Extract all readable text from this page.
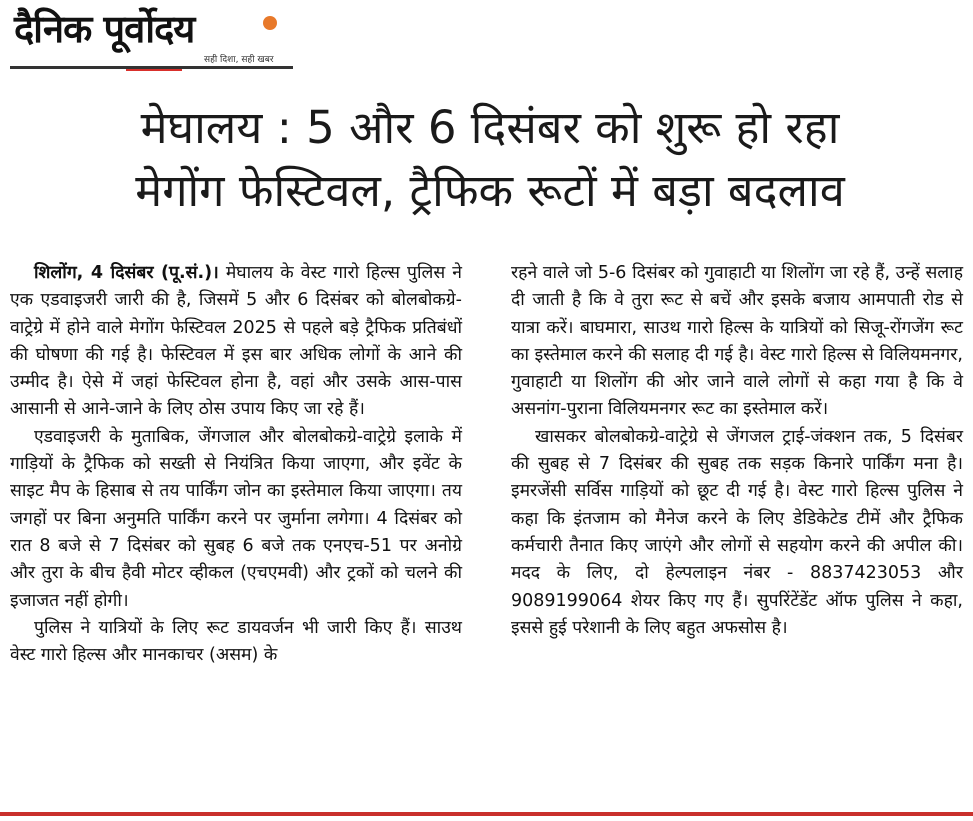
दैनिक पूर्वोदय
सही दिशा, सही खबर
मेघालय : 5 और 6 दिसंबर को शुरू हो रहा
मेगोंग फेस्टिवल, ट्रैफिक रूटों में बड़ा बदलाव

शिलोंग, 4 दिसंबर (पू.सं.)। मेघालय के वेस्ट गारो हिल्स पुलिस ने एक एडवाइजरी जारी की है, जिसमें 5 और 6 दिसंबर को बोलबोकग्रे-वाट्रेग्रे में होने वाले मेगोंग फेस्टिवल 2025 से पहले बड़े ट्रैफिक प्रतिबंधों की घोषणा की गई है। फेस्टिवल में इस बार अधिक लोगों के आने की उम्मीद है। ऐसे में जहां फेस्टिवल होना है, वहां और उसके आस-पास आसानी से आने-जाने के लिए ठोस उपाय किए जा रहे हैं।

एडवाइजरी के मुताबिक, जेंगजाल और बोलबोकग्रे-वाट्रेग्रे इलाके में गाड़ियों के ट्रैफिक को सख्ती से नियंत्रित किया जाएगा, और इवेंट के साइट मैप के हिसाब से तय पार्किंग जोन का इस्तेमाल किया जाएगा। तय जगहों पर बिना अनुमति पार्किंग करने पर जुर्माना लगेगा। 4 दिसंबर को रात 8 बजे से 7 दिसंबर को सुबह 6 बजे तक एनएच-51 पर अनोग्रे और तुरा के बीच हैवी मोटर व्हीकल (एचएमवी) और ट्रकों को चलने की इजाजत नहीं होगी।

पुलिस ने यात्रियों के लिए रूट डायवर्जन भी जारी किए हैं। साउथ वेस्ट गारो हिल्स और मानकाचर (असम) के

रहने वाले जो 5-6 दिसंबर को गुवाहाटी या शिलोंग जा रहे हैं, उन्हें सलाह दी जाती है कि वे तुरा रूट से बचें और इसके बजाय आमपाती रोड से यात्रा करें। बाघमारा, साउथ गारो हिल्स के यात्रियों को सिजू-रोंगजेंग रूट का इस्तेमाल करने की सलाह दी गई है। वेस्ट गारो हिल्स से विलियमनगर, गुवाहाटी या शिलोंग की ओर जाने वाले लोगों से कहा गया है कि वे असनांग-पुराना विलियमनगर रूट का इस्तेमाल करें।

खासकर बोलबोकग्रे-वाट्रेग्रे से जेंगजल ट्राई-जंक्शन तक, 5 दिसंबर की सुबह से 7 दिसंबर की सुबह तक सड़क किनारे पार्किंग मना है। इमरजेंसी सर्विस गाड़ियों को छूट दी गई है। वेस्ट गारो हिल्स पुलिस ने कहा कि इंतजाम को मैनेज करने के लिए डेडिकेटेड टीमें और ट्रैफिक कर्मचारी तैनात किए जाएंगे और लोगों से सहयोग करने की अपील की। मदद के लिए, दो हेल्पलाइन नंबर - 8837423053 और 9089199064 शेयर किए गए हैं। सुपरिंटेंडेंट ऑफ पुलिस ने कहा, इससे हुई परेशानी के लिए बहुत अफसोस है।
